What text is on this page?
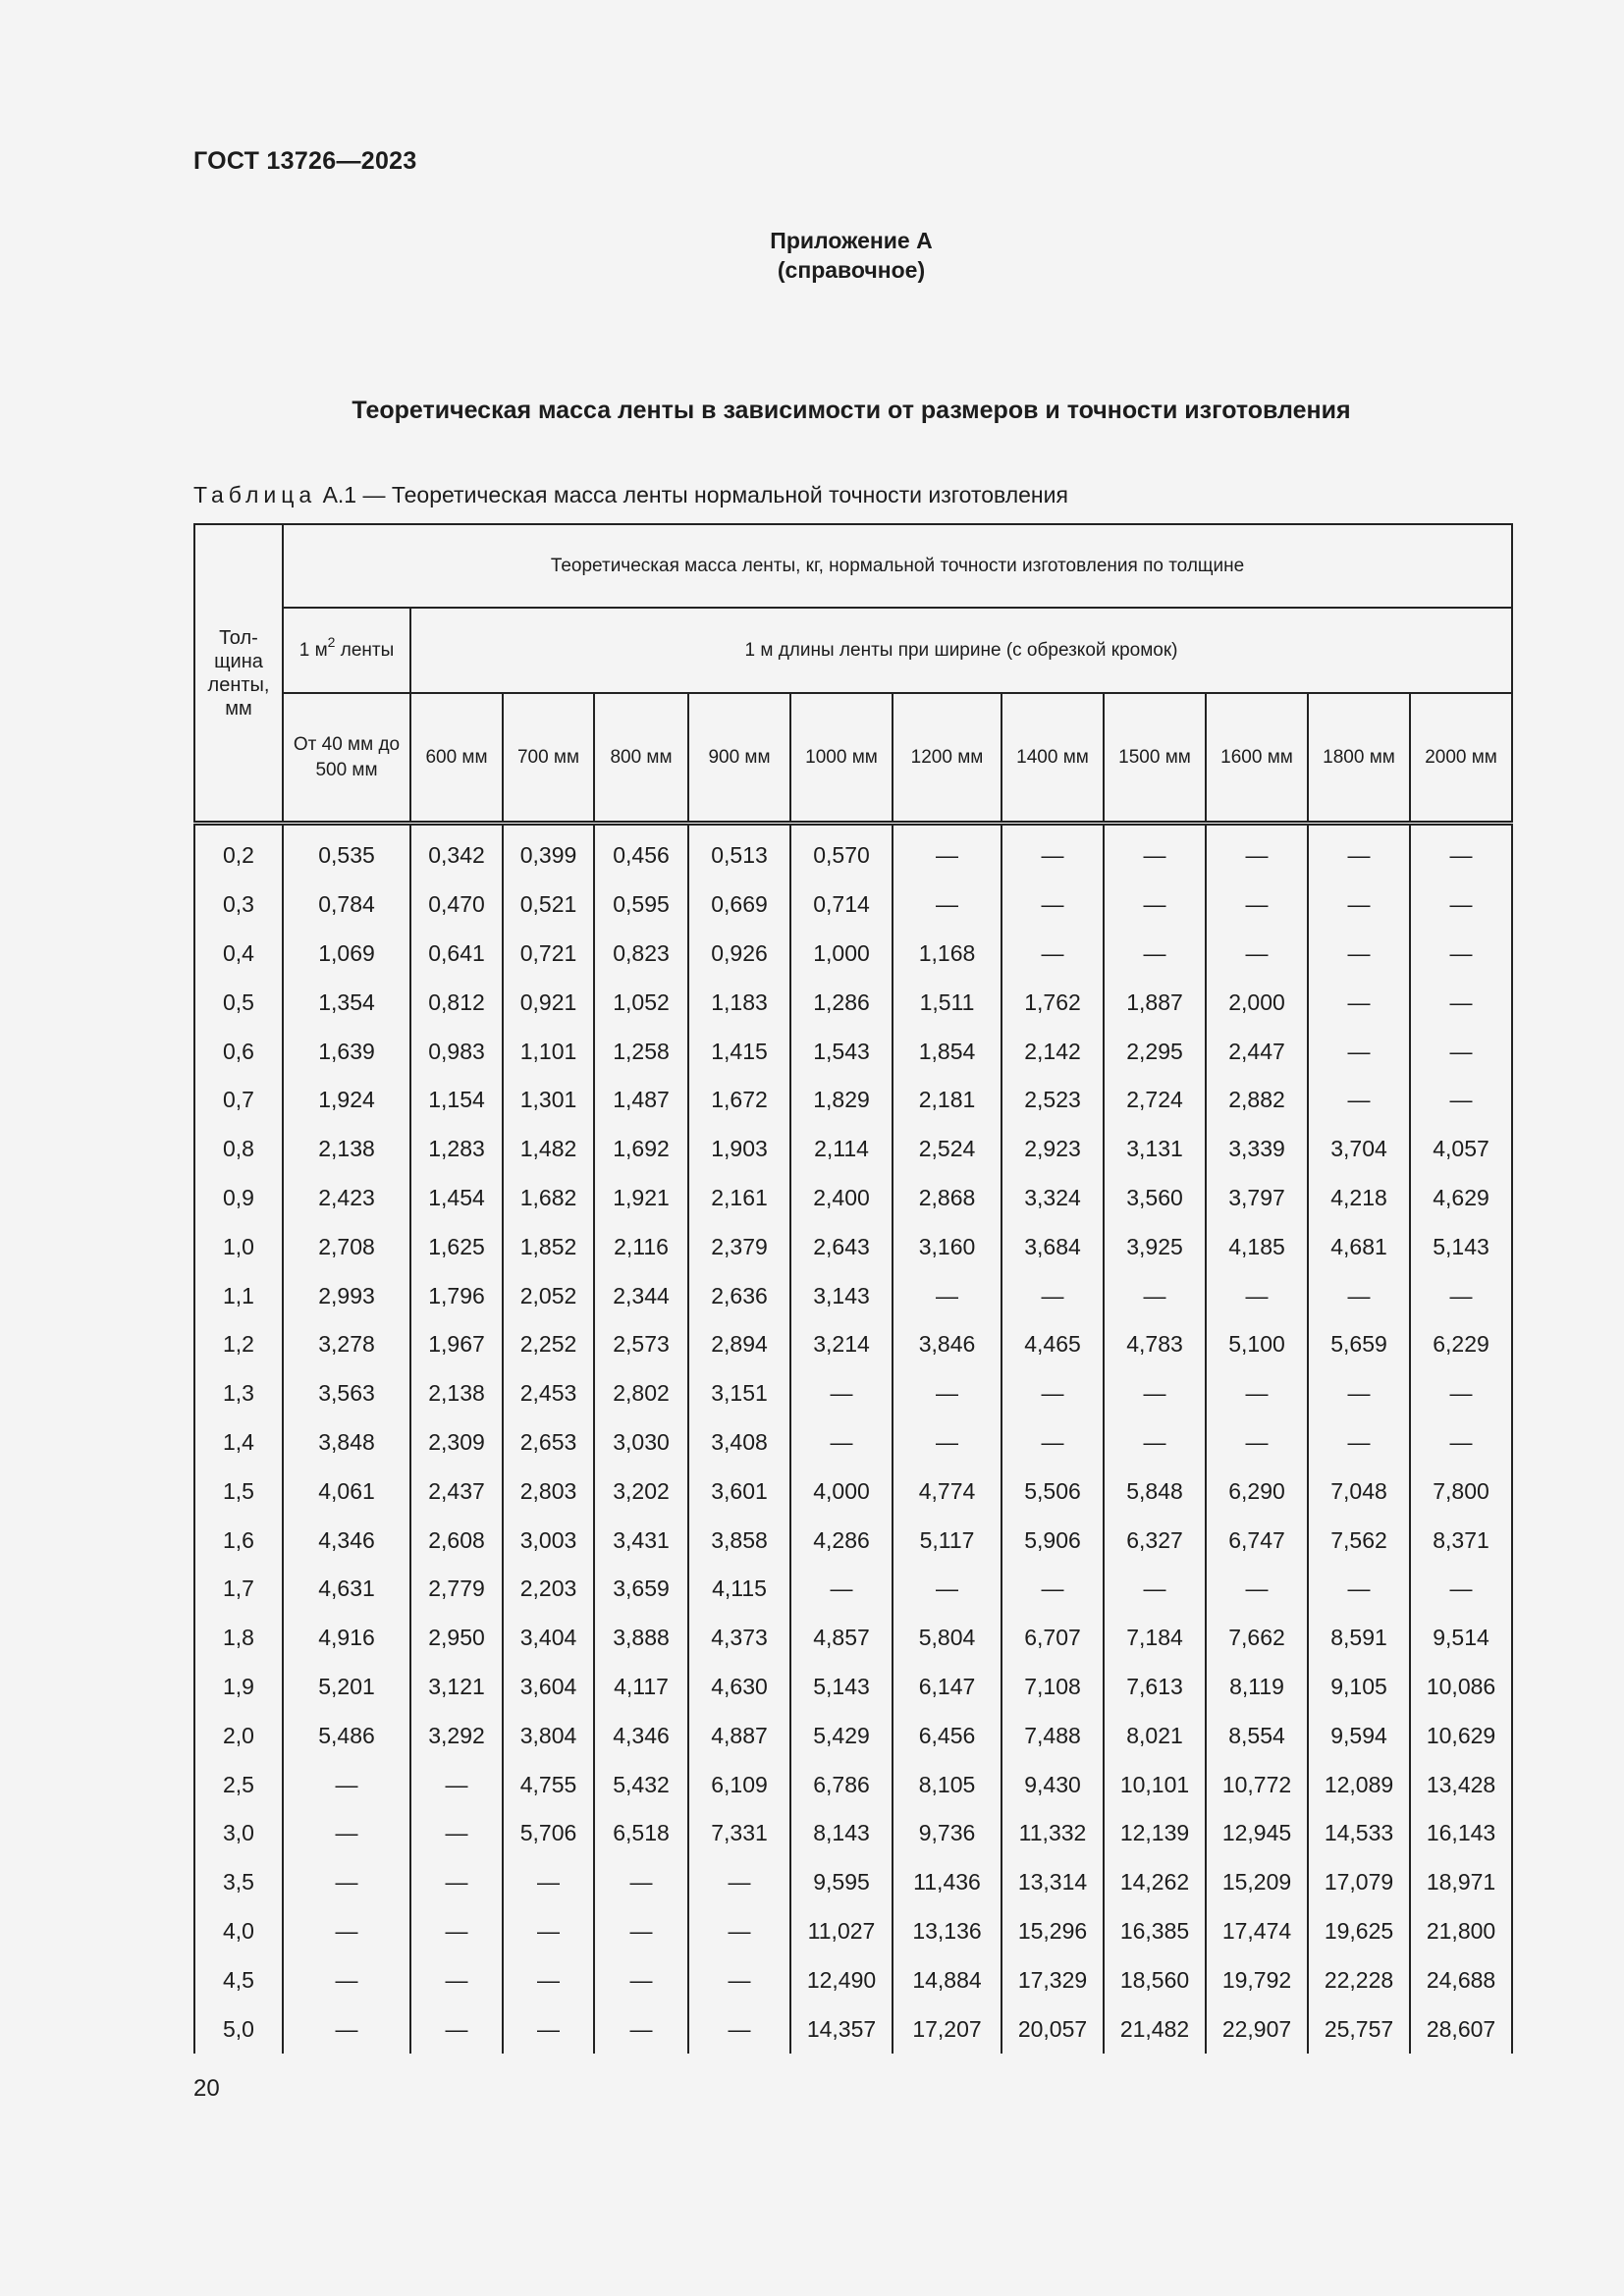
ГОСТ 13726—2023
Приложение А
(справочное)
Теоретическая масса ленты в зависимости от размеров и точности изготовления
Таблица А.1 — Теоретическая масса ленты нормальной точности изготовления
Тол-щина ленты, мм	Теоретическая масса ленты, кг, нормальной точности изготовления по толщине											
	1 $м^2$ ленты	1 м длины ленты при ширине (с обрезкой кромок)										
	От 40 мм до 500 мм	600 мм	700 мм	800 мм	900 мм	1000 мм	1200 мм	1400 мм	1500 мм	1600 мм	1800 мм	2000 мм
0,2	0,535	0,342	0,399	0,456	0,513	0,570	—	—	—	—	—	—
0,3	0,784	0,470	0,521	0,595	0,669	0,714	—	—	—	—	—	—
0,4	1,069	0,641	0,721	0,823	0,926	1,000	1,168	—	—	—	—	—
0,5	1,354	0,812	0,921	1,052	1,183	1,286	1,511	1,762	1,887	2,000	—	—
0,6	1,639	0,983	1,101	1,258	1,415	1,543	1,854	2,142	2,295	2,447	—	—
0,7	1,924	1,154	1,301	1,487	1,672	1,829	2,181	2,523	2,724	2,882	—	—
0,8	2,138	1,283	1,482	1,692	1,903	2,114	2,524	2,923	3,131	3,339	3,704	4,057
0,9	2,423	1,454	1,682	1,921	2,161	2,400	2,868	3,324	3,560	3,797	4,218	4,629
1,0	2,708	1,625	1,852	2,116	2,379	2,643	3,160	3,684	3,925	4,185	4,681	5,143
1,1	2,993	1,796	2,052	2,344	2,636	3,143	—	—	—	—	—	—
1,2	3,278	1,967	2,252	2,573	2,894	3,214	3,846	4,465	4,783	5,100	5,659	6,229
1,3	3,563	2,138	2,453	2,802	3,151	—	—	—	—	—	—	—
1,4	3,848	2,309	2,653	3,030	3,408	—	—	—	—	—	—	—
1,5	4,061	2,437	2,803	3,202	3,601	4,000	4,774	5,506	5,848	6,290	7,048	7,800
1,6	4,346	2,608	3,003	3,431	3,858	4,286	5,117	5,906	6,327	6,747	7,562	8,371
1,7	4,631	2,779	2,203	3,659	4,115	—	—	—	—	—	—	—
1,8	4,916	2,950	3,404	3,888	4,373	4,857	5,804	6,707	7,184	7,662	8,591	9,514
1,9	5,201	3,121	3,604	4,117	4,630	5,143	6,147	7,108	7,613	8,119	9,105	10,086
2,0	5,486	3,292	3,804	4,346	4,887	5,429	6,456	7,488	8,021	8,554	9,594	10,629
2,5	—	—	4,755	5,432	6,109	6,786	8,105	9,430	10,101	10,772	12,089	13,428
3,0	—	—	5,706	6,518	7,331	8,143	9,736	11,332	12,139	12,945	14,533	16,143
3,5	—	—	—	—	—	9,595	11,436	13,314	14,262	15,209	17,079	18,971
4,0	—	—	—	—	—	11,027	13,136	15,296	16,385	17,474	19,625	21,800
4,5	—	—	—	—	—	12,490	14,884	17,329	18,560	19,792	22,228	24,688
5,0	—	—	—	—	—	14,357	17,207	20,057	21,482	22,907	25,757	28,607
20
